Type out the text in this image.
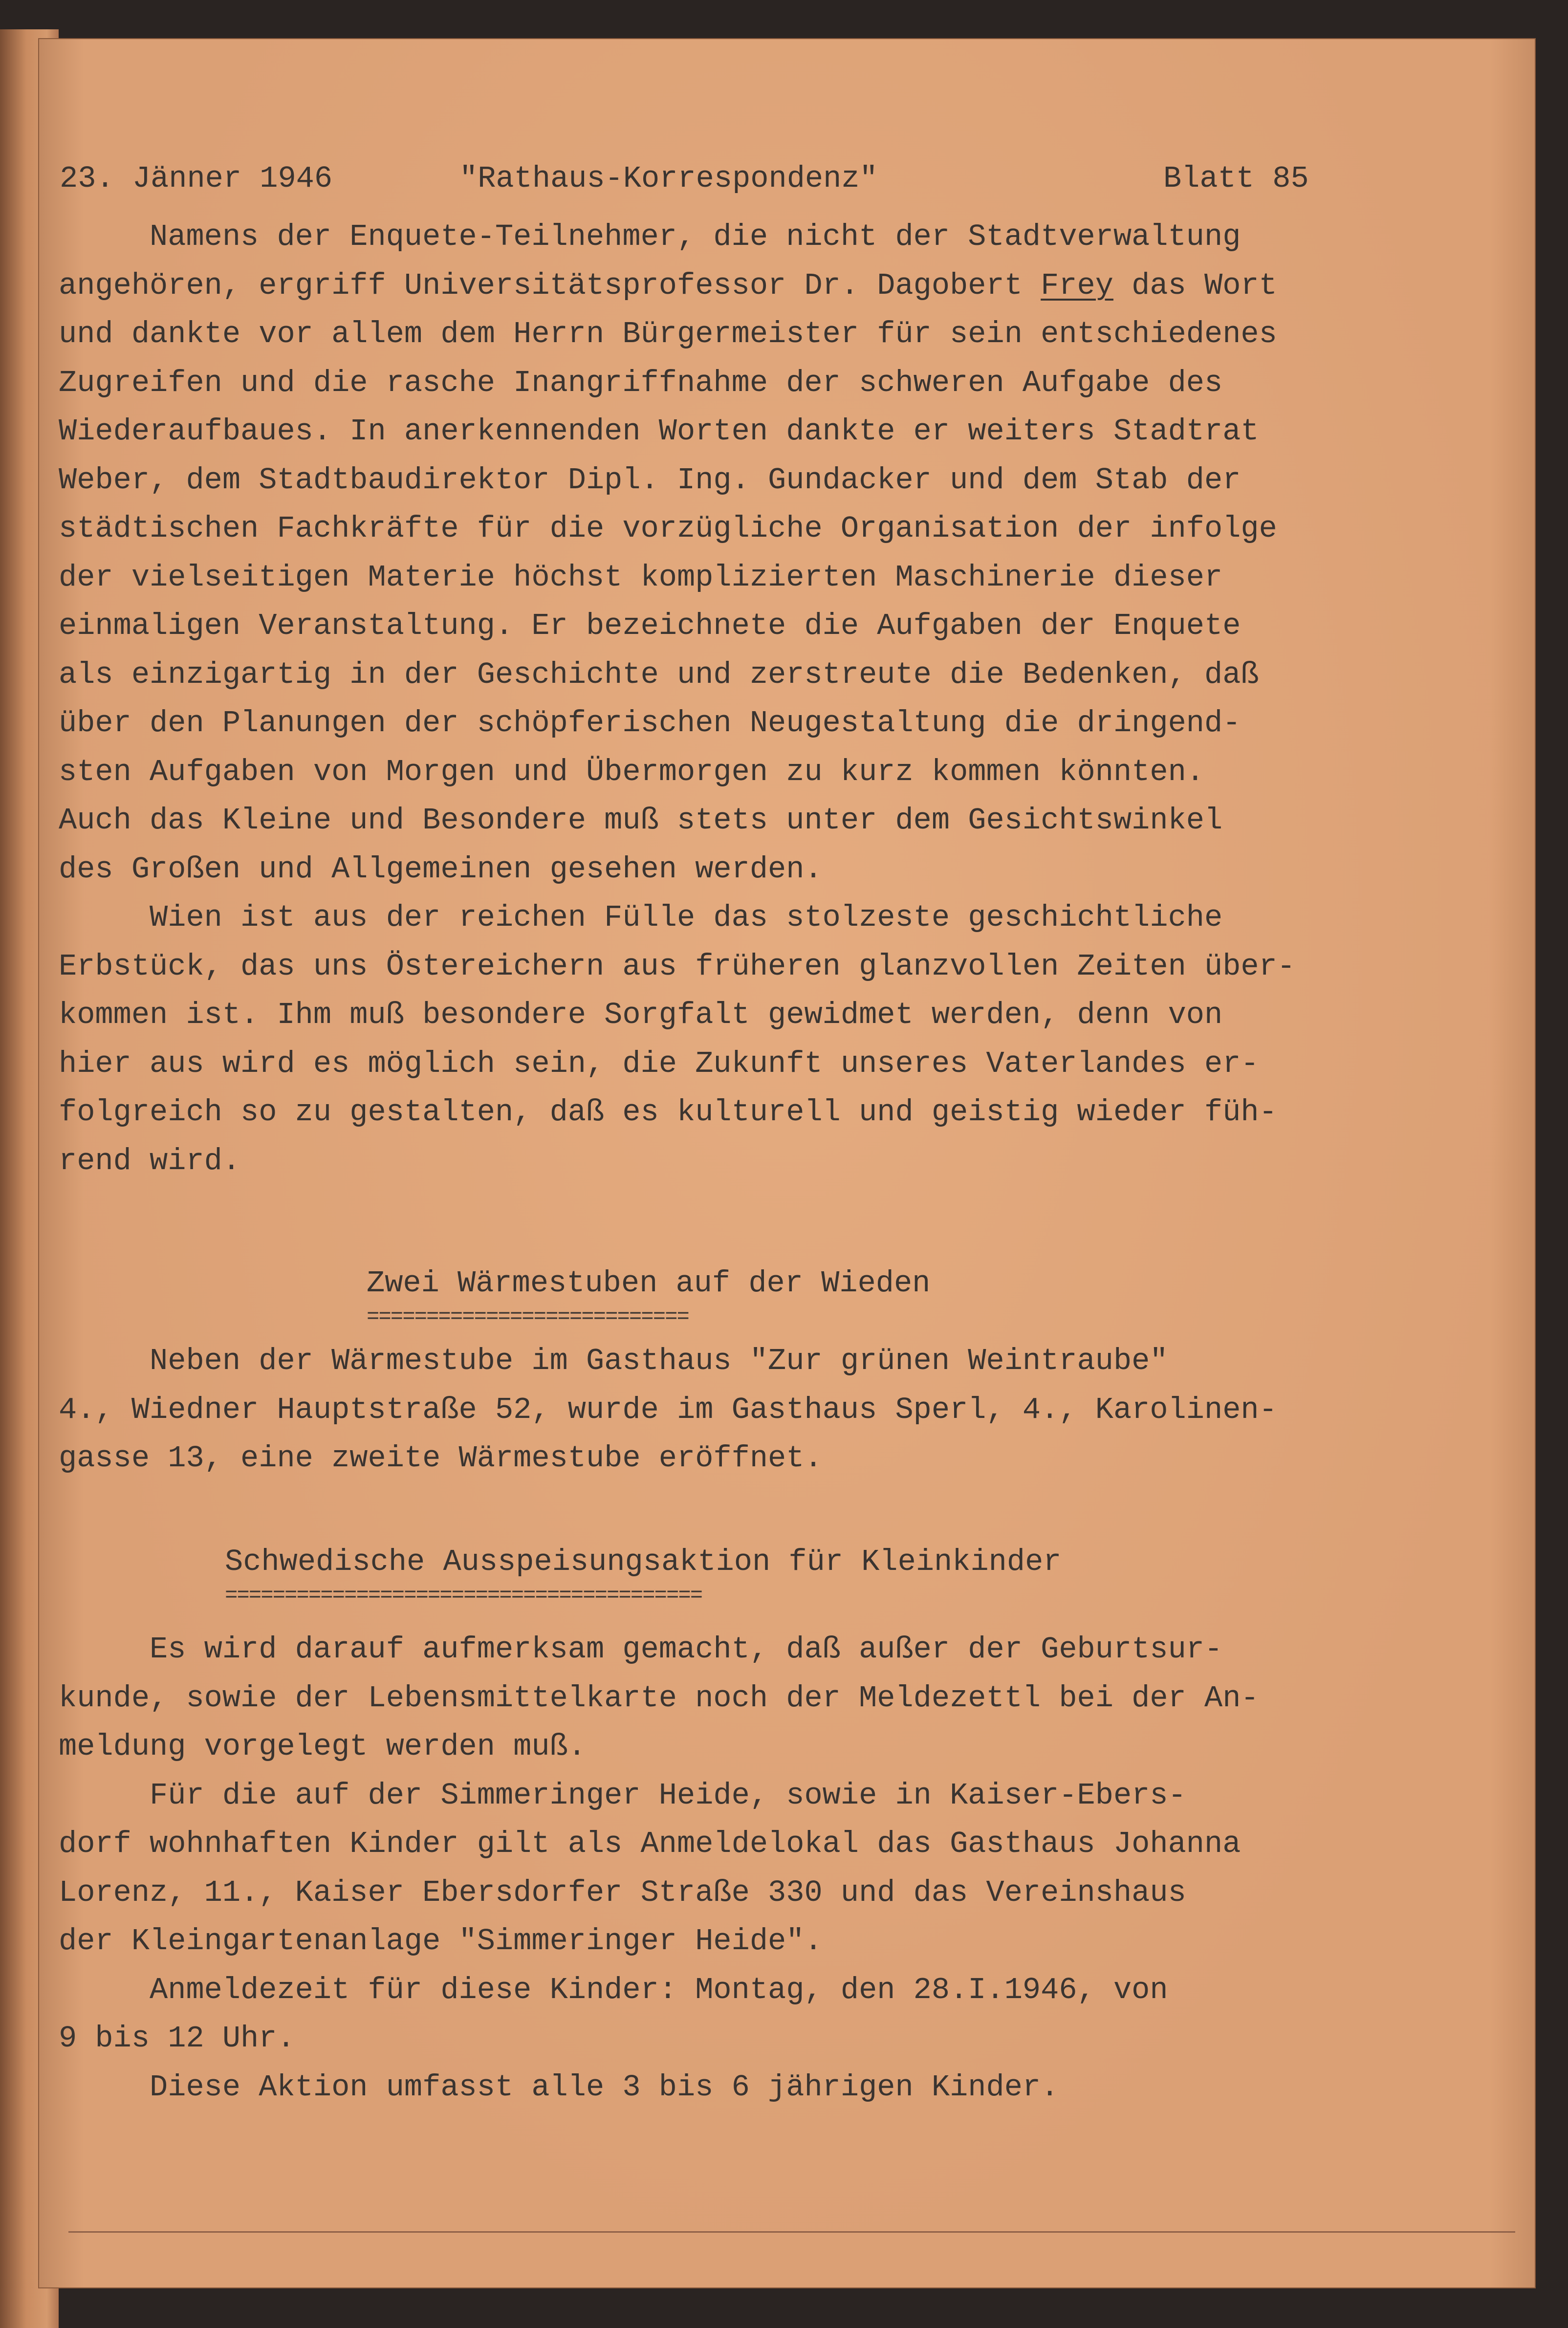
23. Jänner 1946	"Rathaus-Korrespondenz"	Blatt 85
Namens der Enquete-Teilnehmer, die nicht der Stadtverwaltung
angehören, ergriff Universitätsprofessor Dr. Dagobert Frey das Wort
und dankte vor allem dem Herrn Bürgermeister für sein entschiedenes
Zugreifen und die rasche Inangriffnahme der schweren Aufgabe des
Wiederaufbaues. In anerkennenden Worten dankte er weiters Stadtrat
Weber, dem Stadtbaudirektor Dipl. Ing. Gundacker und dem Stab der
städtischen Fachkräfte für die vorzügliche Organisation der infolge
der vielseitigen Materie höchst komplizierten Maschinerie dieser
einmaligen Veranstaltung. Er bezeichnete die Aufgaben der Enquete
als einzigartig in der Geschichte und zerstreute die Bedenken, daß
über den Planungen der schöpferischen Neugestaltung die dringend-
sten Aufgaben von Morgen und Übermorgen zu kurz kommen könnten.
Auch das Kleine und Besondere muß stets unter dem Gesichtswinkel
des Großen und Allgemeinen gesehen werden.
Wien ist aus der reichen Fülle das stolzeste geschichtliche
Erbstück, das uns Östereichern aus früheren glanzvollen Zeiten über-
kommen ist. Ihm muß besondere Sorgfalt gewidmet werden, denn von
hier aus wird es möglich sein, die Zukunft unseres Vaterlandes er-
folgreich so zu gestalten, daß es kulturell und geistig wieder füh-
rend wird.
Zwei Wärmestuben auf der Wieden
===========================
Neben der Wärmestube im Gasthaus "Zur grünen Weintraube"
4., Wiedner Hauptstraße 52, wurde im Gasthaus Sperl, 4., Karolinen-
gasse 13, eine zweite Wärmestube eröffnet.
Schwedische Ausspeisungsaktion für Kleinkinder
========================================
Es wird darauf aufmerksam gemacht, daß außer der Geburtsur-
kunde, sowie der Lebensmittelkarte noch der Meldezettl bei der An-
meldung vorgelegt werden muß.
Für die auf der Simmeringer Heide, sowie in Kaiser-Ebers-
dorf wohnhaften Kinder gilt als Anmeldelokal das Gasthaus Johanna
Lorenz, 11., Kaiser Ebersdorfer Straße 330 und das Vereinshaus
der Kleingartenanlage "Simmeringer Heide".
Anmeldezeit für diese Kinder: Montag, den 28.I.1946, von
9 bis 12 Uhr.
Diese Aktion umfasst alle 3 bis 6 jährigen Kinder.
